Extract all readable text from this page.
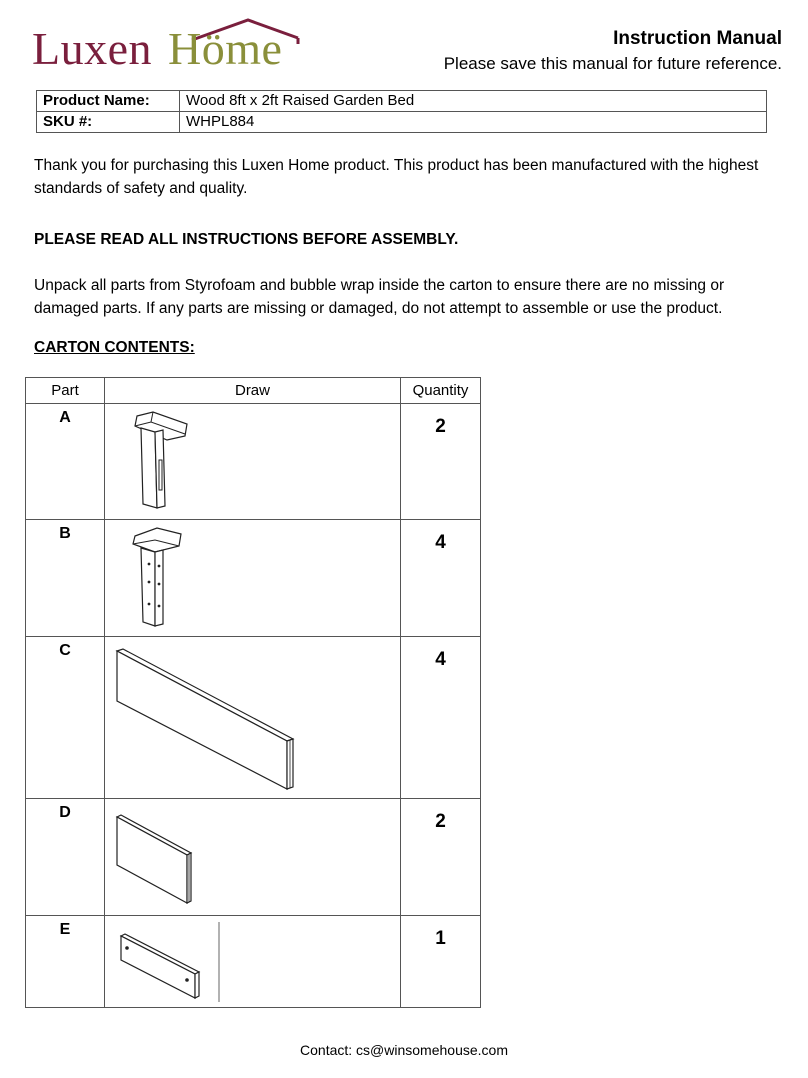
Luxen Höme	Instruction Manual
Please save this manual for future reference.
Product Name:	Wood 8ft x 2ft Raised Garden Bed
SKU #:	WHPL884
Thank you for purchasing this Luxen Home product. This product has been manufactured with the highest standards of safety and quality.
PLEASE READ ALL INSTRUCTIONS BEFORE ASSEMBLY.
Unpack all parts from Styrofoam and bubble wrap inside the carton to ensure there are no missing or damaged parts. If any parts are missing or damaged, do not attempt to assemble or use the product.
CARTON CONTENTS:
Part	Draw	Quantity

A		2

B		4

C		4

D		2

E		1
Contact: cs@winsomehouse.com
